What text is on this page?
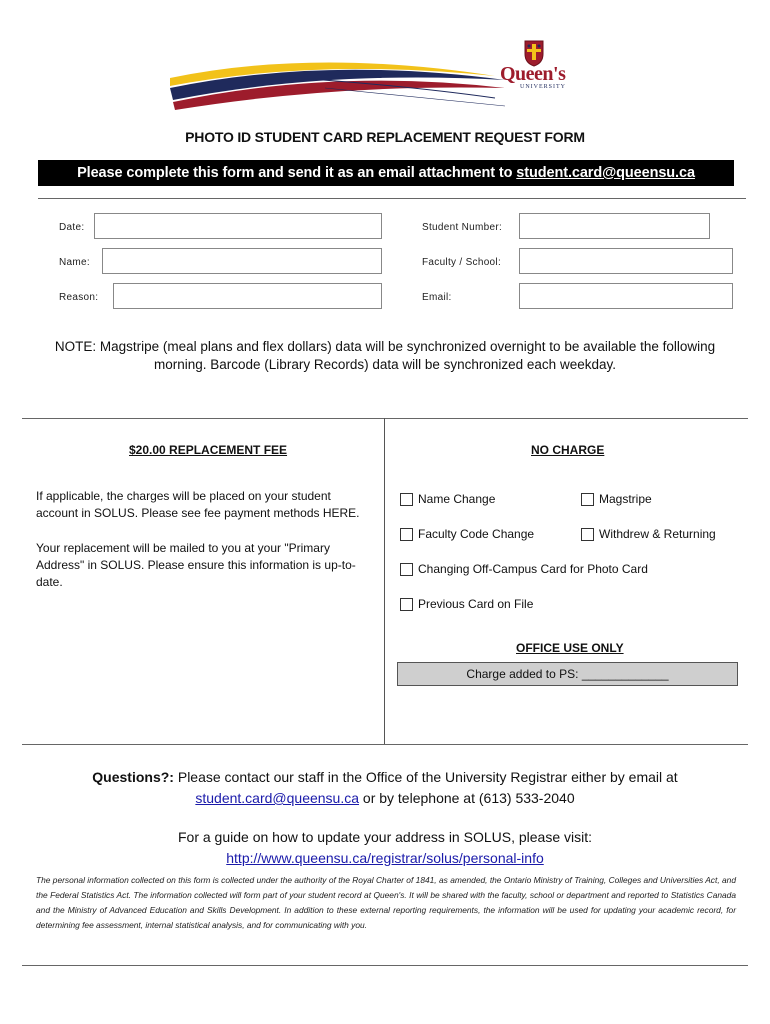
Queen's
UNIVERSITY
PHOTO ID STUDENT CARD REPLACEMENT REQUEST FORM
Please complete this form and send it as an email attachment to student.card@queensu.ca
Date:
Name:
Reason:
Student Number:
Faculty / School:
Email:
NOTE: Magstripe (meal plans and flex dollars) data will be synchronized overnight to be available the following morning. Barcode (Library Records) data will be synchronized each weekday.
$20.00 REPLACEMENT FEE
If applicable, the charges will be placed on your student account in SOLUS. Please see fee payment methods HERE.
Your replacement will be mailed to you at your "Primary Address" in SOLUS. Please ensure this information is up-to-date.
NO CHARGE
Name Change	Magstripe
Faculty Code Change	Withdrew & Returning
Changing Off-Campus Card for Photo Card
Previous Card on File
OFFICE USE ONLY
Charge added to PS: _____________
Questions?: Please contact our staff in the Office of the University Registrar either by email at
student.card@queensu.ca or by telephone at (613) 533-2040
For a guide on how to update your address in SOLUS, please visit:
http://www.queensu.ca/registrar/solus/personal-info
The personal information collected on this form is collected under the authority of the Royal Charter of 1841, as amended, the Ontario Ministry of Training, Colleges and Universities Act, and the Federal Statistics Act. The information collected will form part of your student record at Queen's. It will be shared with the faculty, school or department and reported to Statistics Canada and the Ministry of Advanced Education and Skills Development. In addition to these external reporting requirements, the information will be used for updating your academic record, for determining fee assessment, internal statistical analysis, and for communicating with you.
